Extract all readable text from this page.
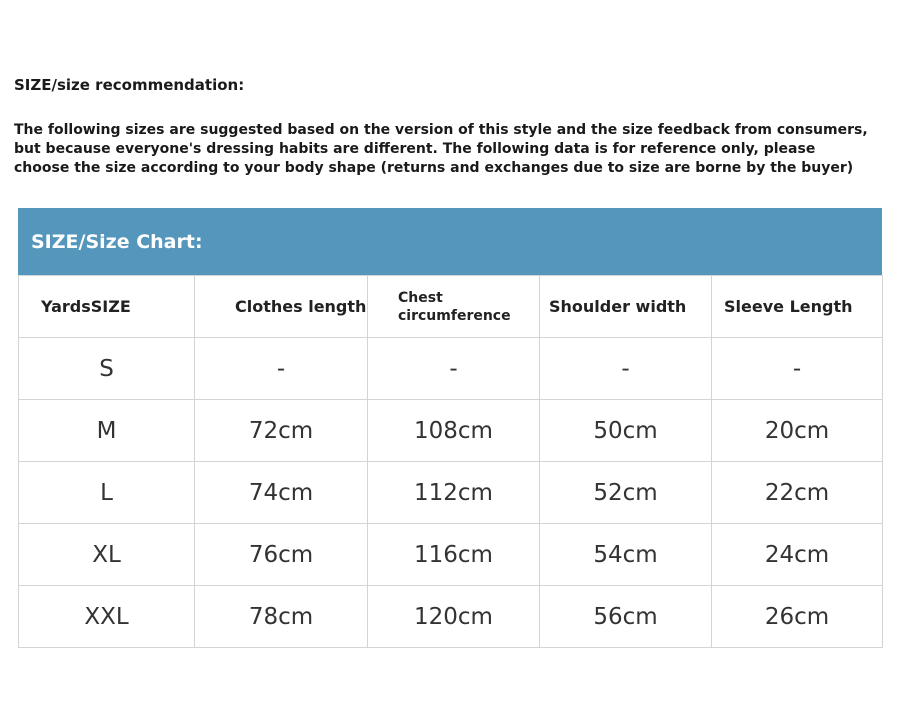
SIZE/size recommendation:
The following sizes are suggested based on the version of this style and the size feedback from consumers,
but because everyone's dressing habits are different. The following data is for reference only, please
choose the size according to your body shape (returns and exchanges due to size are borne by the buyer)
SIZE/Size Chart:
YardsSIZE	Clothes length	Chest circumference	Shoulder width	Sleeve Length
S	-	-	-	-
M	72cm	108cm	50cm	20cm
L	74cm	112cm	52cm	22cm
XL	76cm	116cm	54cm	24cm
XXL	78cm	120cm	56cm	26cm
